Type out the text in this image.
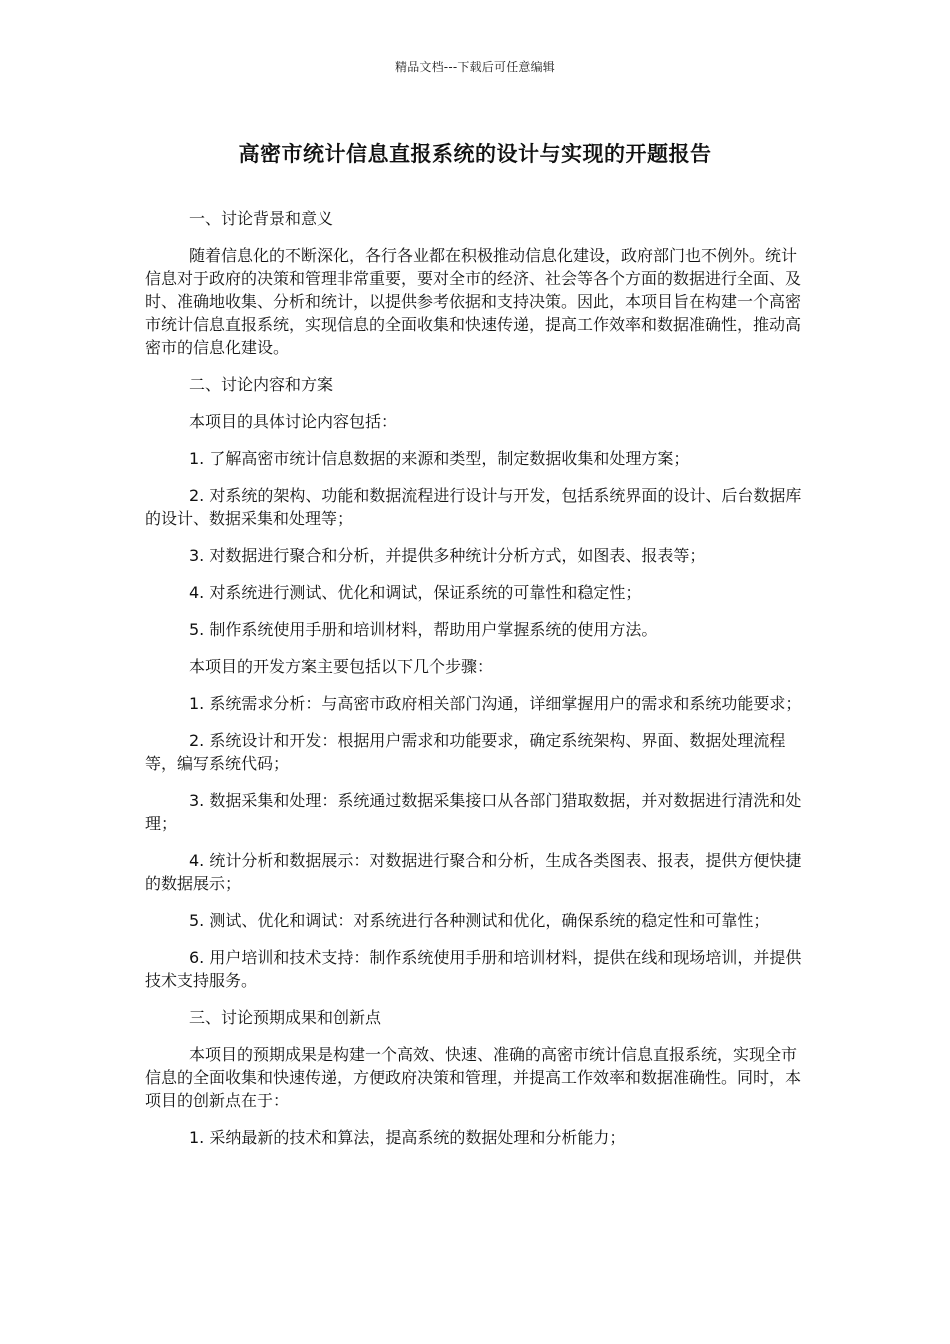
精品文档---下载后可任意编辑
高密市统计信息直报系统的设计与实现的开题报告

一、讨论背景和意义

随着信息化的不断深化，各行各业都在积极推动信息化建设，政府部门也不例外。统计信息对于政府的决策和管理非常重要，要对全市的经济、社会等各个方面的数据进行全面、及时、准确地收集、分析和统计，以提供参考依据和支持决策。因此，本项目旨在构建一个高密市统计信息直报系统，实现信息的全面收集和快速传递，提高工作效率和数据准确性，推动高密市的信息化建设。

二、讨论内容和方案

本项目的具体讨论内容包括：

1. 了解高密市统计信息数据的来源和类型，制定数据收集和处理方案；

2. 对系统的架构、功能和数据流程进行设计与开发，包括系统界面的设计、后台数据库的设计、数据采集和处理等；

3. 对数据进行聚合和分析，并提供多种统计分析方式，如图表、报表等；

4. 对系统进行测试、优化和调试，保证系统的可靠性和稳定性；

5. 制作系统使用手册和培训材料，帮助用户掌握系统的使用方法。

本项目的开发方案主要包括以下几个步骤：

1. 系统需求分析：与高密市政府相关部门沟通，详细掌握用户的需求和系统功能要求；

2. 系统设计和开发：根据用户需求和功能要求，确定系统架构、界面、数据处理流程等，编写系统代码；

3. 数据采集和处理：系统通过数据采集接口从各部门猎取数据，并对数据进行清洗和处理；

4. 统计分析和数据展示：对数据进行聚合和分析，生成各类图表、报表，提供方便快捷的数据展示；

5. 测试、优化和调试：对系统进行各种测试和优化，确保系统的稳定性和可靠性；

6. 用户培训和技术支持：制作系统使用手册和培训材料，提供在线和现场培训，并提供技术支持服务。

三、讨论预期成果和创新点

本项目的预期成果是构建一个高效、快速、准确的高密市统计信息直报系统，实现全市信息的全面收集和快速传递，方便政府决策和管理，并提高工作效率和数据准确性。同时，本项目的创新点在于：

1. 采纳最新的技术和算法，提高系统的数据处理和分析能力；
